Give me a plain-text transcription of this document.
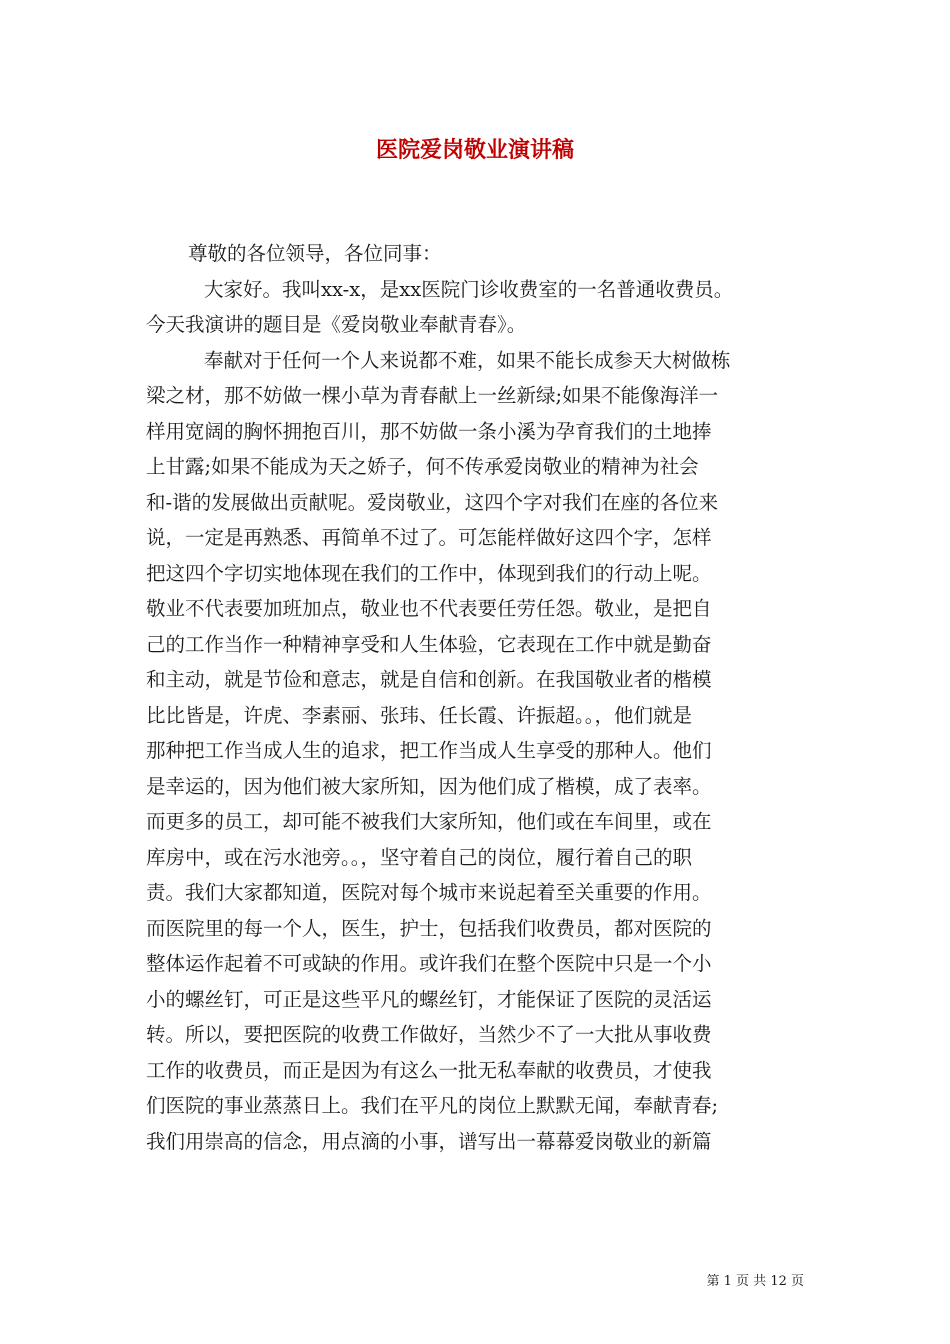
医院爱岗敬业演讲稿
尊敬的各位领导，各位同事：
大家好。我叫xx-x，是xx医院门诊收费室的一名普通收费员。
今天我演讲的题目是《爱岗敬业奉献青春》。
奉献对于任何一个人来说都不难，如果不能长成参天大树做栋
梁之材，那不妨做一棵小草为青春献上一丝新绿;如果不能像海洋一
样用宽阔的胸怀拥抱百川，那不妨做一条小溪为孕育我们的土地捧
上甘露;如果不能成为天之娇子，何不传承爱岗敬业的精神为社会
和-谐的发展做出贡献呢。爱岗敬业，这四个字对我们在座的各位来
说，一定是再熟悉、再简单不过了。可怎能样做好这四个字，怎样
把这四个字切实地体现在我们的工作中，体现到我们的行动上呢。
敬业不代表要加班加点，敬业也不代表要任劳任怨。敬业，是把自
己的工作当作一种精神享受和人生体验，它表现在工作中就是勤奋
和主动，就是节俭和意志，就是自信和创新。在我国敬业者的楷模
比比皆是，许虎、李素丽、张玮、任长霞、许振超。。，他们就是
那种把工作当成人生的追求，把工作当成人生享受的那种人。他们
是幸运的，因为他们被大家所知，因为他们成了楷模，成了表率。
而更多的员工，却可能不被我们大家所知，他们或在车间里，或在
库房中，或在污水池旁。。，坚守着自己的岗位，履行着自己的职
责。我们大家都知道，医院对每个城市来说起着至关重要的作用。
而医院里的每一个人，医生，护士，包括我们收费员，都对医院的
整体运作起着不可或缺的作用。或许我们在整个医院中只是一个小
小的螺丝钉，可正是这些平凡的螺丝钉，才能保证了医院的灵活运
转。所以，要把医院的收费工作做好，当然少不了一大批从事收费
工作的收费员，而正是因为有这么一批无私奉献的收费员，才使我
们医院的事业蒸蒸日上。我们在平凡的岗位上默默无闻，奉献青春;
我们用崇高的信念，用点滴的小事，谱写出一幕幕爱岗敬业的新篇
第 1 页 共 12 页
